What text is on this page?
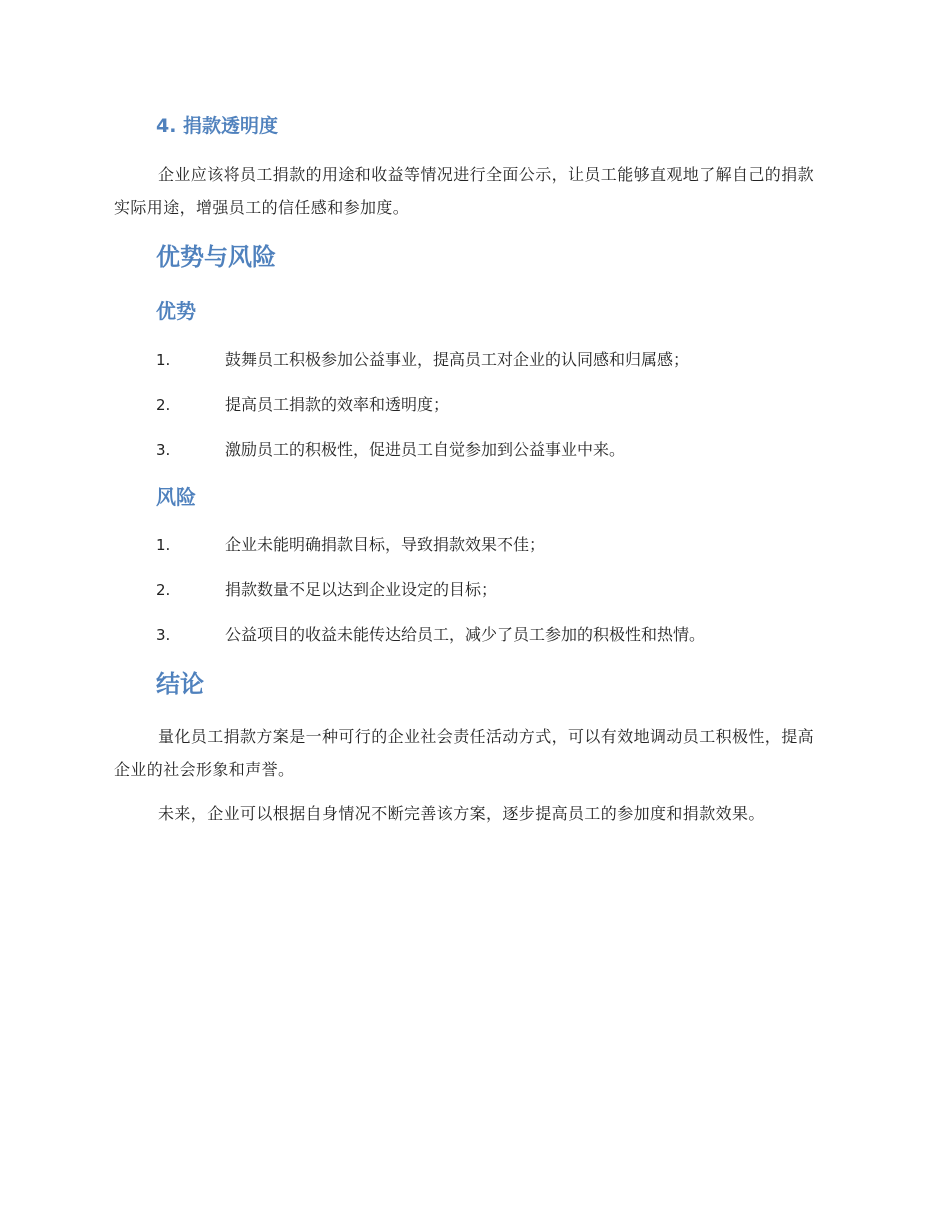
4. 捐款透明度

企业应该将员工捐款的用途和收益等情况进行全面公示，让员工能够直观地了解自己的捐款实际用途，增强员工的信任感和参加度。

优势与风险
优势
1.	鼓舞员工积极参加公益事业，提高员工对企业的认同感和归属感；
2.	提高员工捐款的效率和透明度；
3.	激励员工的积极性，促进员工自觉参加到公益事业中来。
风险
1.	企业未能明确捐款目标，导致捐款效果不佳；
2.	捐款数量不足以达到企业设定的目标；
3.	公益项目的收益未能传达给员工，减少了员工参加的积极性和热情。
结论

量化员工捐款方案是一种可行的企业社会责任活动方式，可以有效地调动员工积极性，提高企业的社会形象和声誉。

未来，企业可以根据自身情况不断完善该方案，逐步提高员工的参加度和捐款效果。
